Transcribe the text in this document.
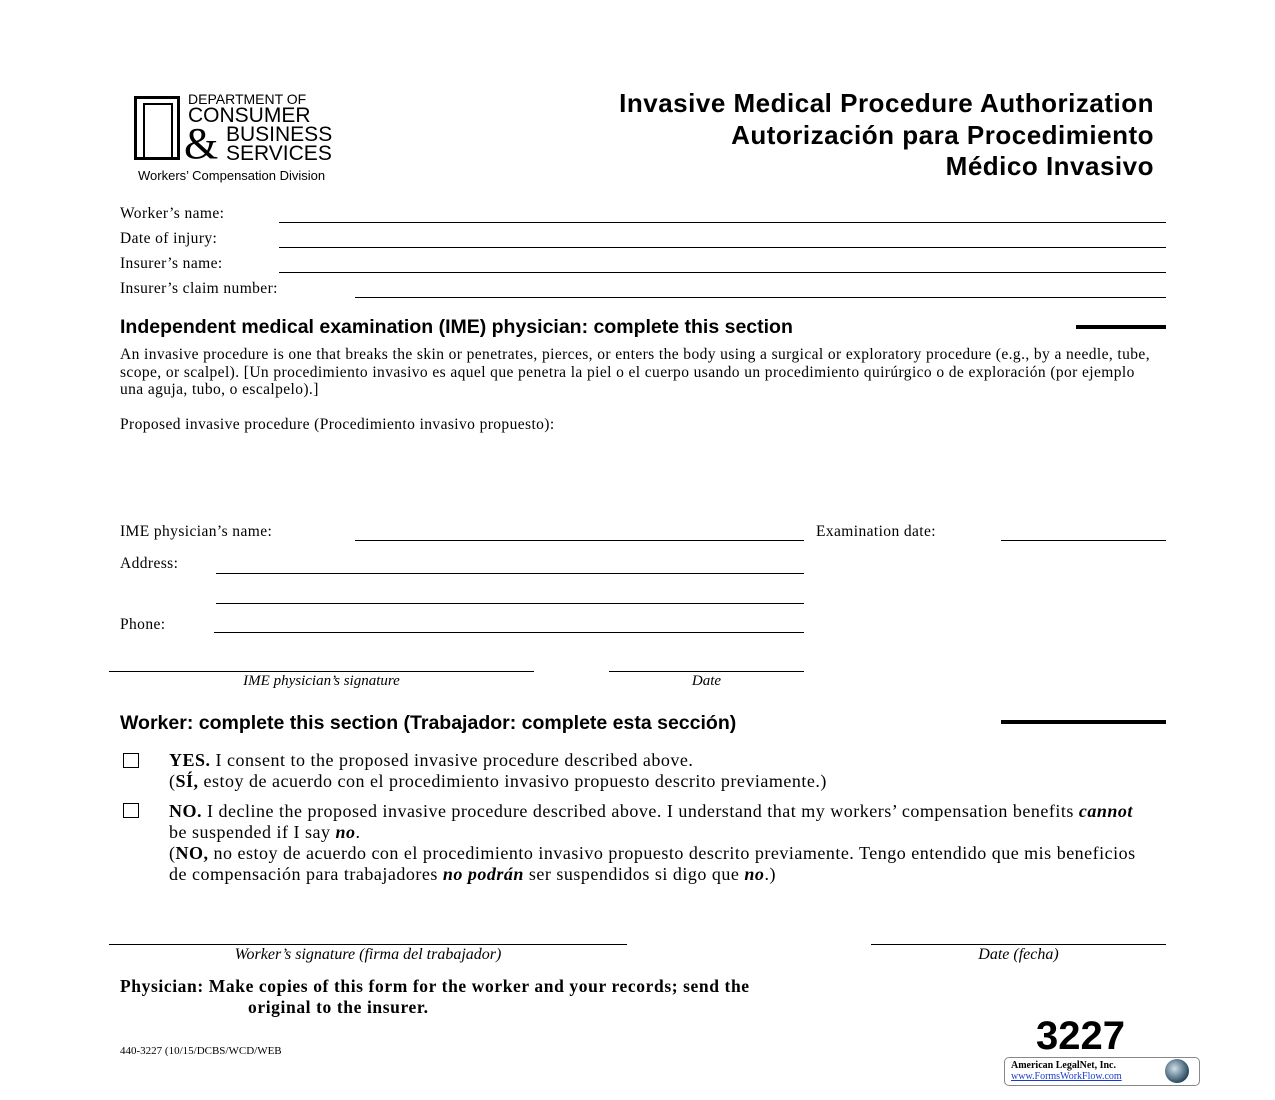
&
DEPARTMENT OF
CONSUMER
BUSINESS
SERVICES
Workers’ Compensation Division
Invasive Medical Procedure Authorization
Autorización para Procedimiento
Médico Invasivo
Worker’s name:
Date of injury:
Insurer’s name:
Insurer’s claim number:
Independent medical examination (IME) physician: complete this section
An invasive procedure is one that breaks the skin or penetrates, pierces, or enters the body using a surgical or exploratory procedure (e.g., by a needle, tube, scope, or scalpel). [Un procedimiento invasivo es aquel que penetra la piel o el cuerpo usando un procedimiento quirúrgico o de exploración (por ejemplo una aguja, tubo, o escalpelo).]
Proposed invasive procedure (Procedimiento invasivo propuesto):
IME physician’s name:	Examination date:
Address:
Phone:
IME physician’s signature	Date
Worker: complete this section (Trabajador: complete esta sección)
YES. I consent to the proposed invasive procedure described above.
(SÍ, estoy de acuerdo con el procedimiento invasivo propuesto descrito previamente.)
NO. I decline the proposed invasive procedure described above. I understand that my workers’ compensation benefits cannot be suspended if I say no.
(NO, no estoy de acuerdo con el procedimiento invasivo propuesto descrito previamente. Tengo entendido que mis beneficios de compensación para trabajadores no podrán ser suspendidos si digo que no.)
Worker’s signature (firma del trabajador)	Date (fecha)
Physician: Make copies of this form for the worker and your records; send the
original to the insurer.
440-3227 (10/15/DCBS/WCD/WEB	3227
American LegalNet, Inc.
www.FormsWorkFlow.com
